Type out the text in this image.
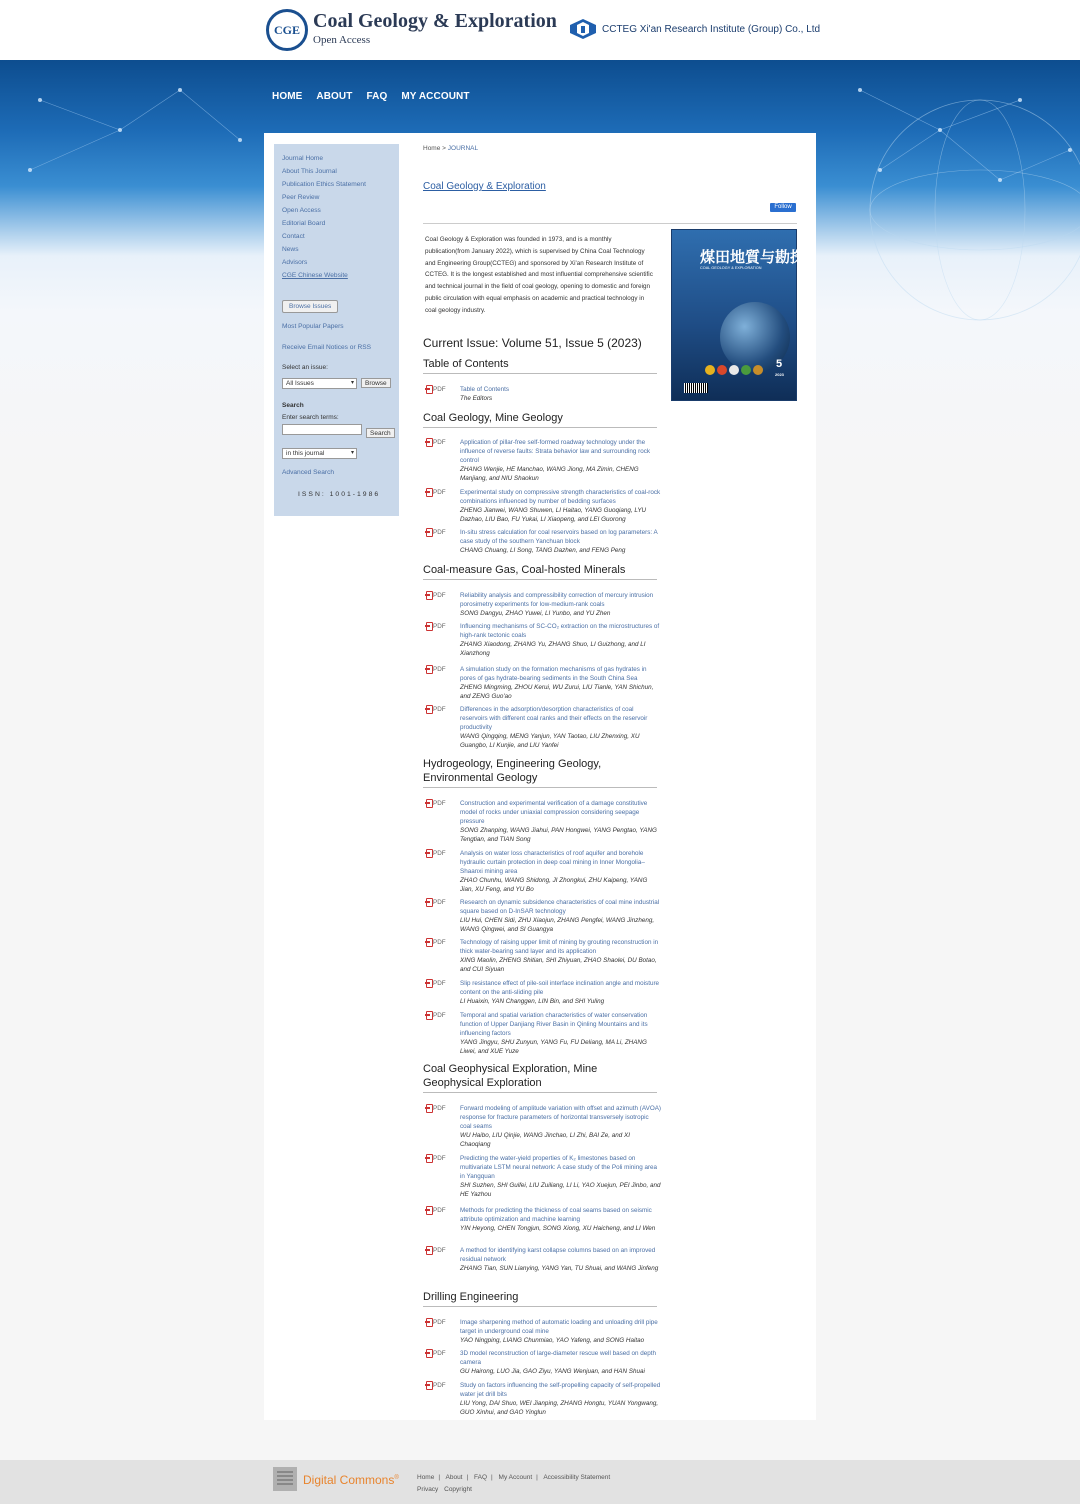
CGE
Coal Geology & Exploration
Open Access
CCTEG Xi'an Research Institute (Group) Co., Ltd
HOME ABOUT FAQ MY ACCOUNT
Journal Home
About This Journal
Publication Ethics Statement
Peer Review
Open Access
Editorial Board
Contact
News
Advisors
CGE Chinese Website
Browse Issues
Most Popular Papers
Receive Email Notices or RSS
Select an issue:
All Issues	▾ Browse
Search
Enter search terms:
Search
in this journal	▾
Advanced Search
ISSN: 1001-1986
Home > JOURNAL
Coal Geology & Exploration
Follow

Coal Geology & Exploration was founded in 1973, and is a monthly publication(from January 2022), which is supervised by China Coal Technology and Engineering Group(CCTEG) and sponsored by Xi'an Research Institute of CCTEG. It is the longest established and most influential comprehensive scientific and technical journal in the field of coal geology, opening to domestic and foreign public circulation with equal emphasis on academic and practical technology in coal geology industry.

煤田地質与勘探
COAL GEOLOGY & EXPLORATION
5
2023
Current Issue: Volume 51, Issue 5 (2023)
Table of Contents
PDF Table of Contents
The Editors
Coal Geology, Mine Geology
PDF Application of pillar-free self-formed roadway technology under the influence of reverse faults: Strata behavior law and surrounding rock control
ZHANG Wenjie, HE Manchao, WANG Jiong, MA Zimin, CHENG Manjiang, and NIU Shaokun
PDF Experimental study on compressive strength characteristics of coal-rock combinations influenced by number of bedding surfaces
ZHENG Jianwei, WANG Shuwen, LI Haitao, YANG Guoqiang, LYU Dazhao, LIU Bao, FU Yukai, LI Xiaopeng, and LEI Guorong
PDF In-situ stress calculation for coal reservoirs based on log parameters: A case study of the southern Yanchuan block
CHANG Chuang, LI Song, TANG Dazhen, and FENG Peng
Coal-measure Gas, Coal-hosted Minerals
PDF Reliability analysis and compressibility correction of mercury intrusion porosimetry experiments for low-medium-rank coals
SONG Dangyu, ZHAO Yuwei, LI Yunbo, and YU Zhen
PDF Influencing mechanisms of SC-CO₂ extraction on the microstructures of high-rank tectonic coals
ZHANG Xiaodong, ZHANG Yu, ZHANG Shuo, LI Guizhong, and LI Xianzhong
PDF A simulation study on the formation mechanisms of gas hydrates in pores of gas hydrate-bearing sediments in the South China Sea
ZHENG Mingming, ZHOU Kerui, WU Zurui, LIU Tianle, YAN Shichun, and ZENG Guo'ao
PDF Differences in the adsorption/desorption characteristics of coal reservoirs with different coal ranks and their effects on the reservoir productivity
WANG Qingqing, MENG Yanjun, YAN Taotao, LIU Zhenxing, XU Guangbo, LI Kunjie, and LIU Yanfei
Hydrogeology, Engineering Geology, Environmental Geology
PDF Construction and experimental verification of a damage constitutive model of rocks under uniaxial compression considering seepage pressure
SONG Zhanping, WANG Jiahui, PAN Hongwei, YANG Pengtao, YANG Tengtian, and TIAN Song
PDF Analysis on water loss characteristics of roof aquifer and borehole hydraulic curtain protection in deep coal mining in Inner Mongolia–Shaanxi mining area
ZHAO Chunhu, WANG Shidong, JI Zhongkui, ZHU Kaipeng, YANG Jian, XU Feng, and YU Bo
PDF Research on dynamic subsidence characteristics of coal mine industrial square based on D-InSAR technology
LIU Hui, CHEN Sidi, ZHU Xiaojun, ZHANG Pengfei, WANG Jinzheng, WANG Qingwei, and SI Guangya
PDF Technology of raising upper limit of mining by grouting reconstruction in thick water-bearing sand layer and its application
XING Maolin, ZHENG Shitian, SHI Zhiyuan, ZHAO Shaolei, DU Botao, and CUI Siyuan
PDF Slip resistance effect of pile-soil interface inclination angle and moisture content on the anti-sliding pile
LI Huaixin, YAN Changgen, LIN Bin, and SHI Yuling
PDF Temporal and spatial variation characteristics of water conservation function of Upper Danjiang River Basin in Qinling Mountains and its influencing factors
YANG Jingyu, SHU Zunyun, YANG Fu, FU Deliang, MA Li, ZHANG Liwei, and XUE Yuze
Coal Geophysical Exploration, Mine Geophysical Exploration
PDF Forward modeling of amplitude variation with offset and azimuth (AVOA) response for fracture parameters of horizontal transversely isotropic coal seams
WU Haibo, LIU Qinjie, WANG Jinchao, LI Zhi, BAI Ze, and XI Chaoqiang
PDF Predicting the water-yield properties of K₂ limestones based on multivariate LSTM neural network: A case study of the Poli mining area in Yangquan
SHI Suzhen, SHI Guifei, LIU Zuiliang, LI Li, YAO Xuejun, PEI Jinbo, and HE Yazhou
PDF Methods for predicting the thickness of coal seams based on seismic attribute optimization and machine learning
YIN Heyong, CHEN Tongjun, SONG Xiong, XU Haicheng, and LI Wen
PDF A method for identifying karst collapse columns based on an improved residual network
ZHANG Tian, SUN Lianying, YANG Yan, TU Shuai, and WANG Jinfeng
Drilling Engineering
PDF Image sharpening method of automatic loading and unloading drill pipe target in underground coal mine
YAO Ningping, LIANG Chunmiao, YAO Yafeng, and SONG Haitao
PDF 3D model reconstruction of large-diameter rescue well based on depth camera
GU Hairong, LUO Jia, GAO Ziyu, YANG Wenjuan, and HAN Shuai
PDF Study on factors influencing the self-propelling capacity of self-propelled water jet drill bits
LIU Yong, DAI Shuo, WEI Jianping, ZHANG Hongtu, YUAN Yongwang, GUO Xinhui, and GAO Yinglun
Digital Commons®	Home | About | FAQ | My Account | Accessibility Statement
Privacy Copyright
